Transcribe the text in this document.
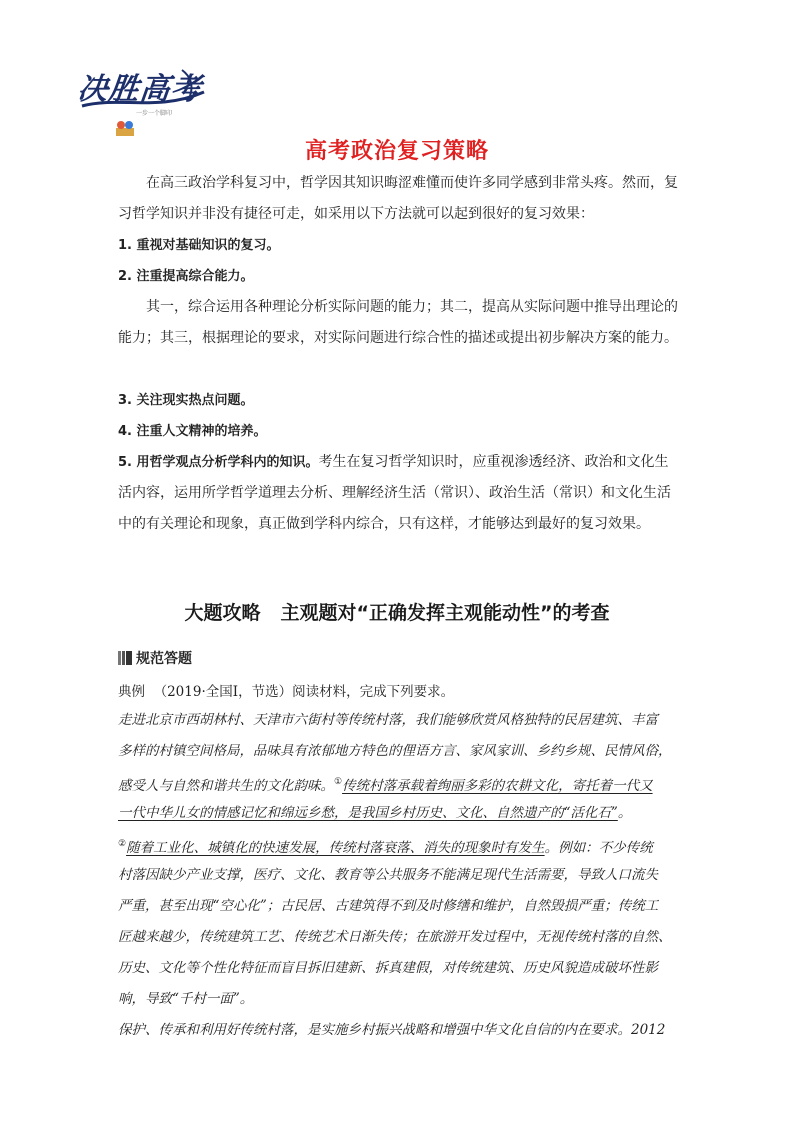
决胜高考
一步一个脚印
高考政治复习策略

在高三政治学科复习中，哲学因其知识晦涩难懂而使许多同学感到非常头疼。然而，复习哲学知识并非没有捷径可走，如采用以下方法就可以起到很好的复习效果：

1. 重视对基础知识的复习。

2. 注重提高综合能力。

其一，综合运用各种理论分析实际问题的能力；其二，提高从实际问题中推导出理论的能力；其三，根据理论的要求，对实际问题进行综合性的描述或提出初步解决方案的能力。

3. 关注现实热点问题。

4. 注重人文精神的培养。

5. 用哲学观点分析学科内的知识。考生在复习哲学知识时，应重视渗透经济、政治和文化生活内容，运用所学哲学道理去分析、理解经济生活（常识）、政治生活（常识）和文化生活中的有关理论和现象，真正做到学科内综合，只有这样，才能够达到最好的复习效果。

大题攻略 主观题对“正确发挥主观能动性”的考查
规范答题
典例 （2019·全国Ⅰ，节选）阅读材料，完成下列要求。

走进北京市西胡林村、天津市六街村等传统村落，我们能够欣赏风格独特的民居建筑、丰富

多样的村镇空间格局，品味具有浓郁地方特色的俚语方言、家风家训、乡约乡规、民情风俗，

感受人与自然和谐共生的文化韵味。①传统村落承载着绚丽多彩的农耕文化，寄托着一代又

一代中华儿女的情感记忆和绵远乡愁，是我国乡村历史、文化、自然遗产的“活化石”。

②随着工业化、城镇化的快速发展，传统村落衰落、消失的现象时有发生。例如：不少传统

村落因缺少产业支撑，医疗、文化、教育等公共服务不能满足现代生活需要，导致人口流失

严重，甚至出现“空心化”；古民居、古建筑得不到及时修缮和维护，自然毁损严重；传统工

匠越来越少，传统建筑工艺、传统艺术日渐失传；在旅游开发过程中，无视传统村落的自然、

历史、文化等个性化特征而盲目拆旧建新、拆真建假，对传统建筑、历史风貌造成破坏性影

响，导致“千村一面”。

保护、传承和利用好传统村落，是实施乡村振兴战略和增强中华文化自信的内在要求。2012
